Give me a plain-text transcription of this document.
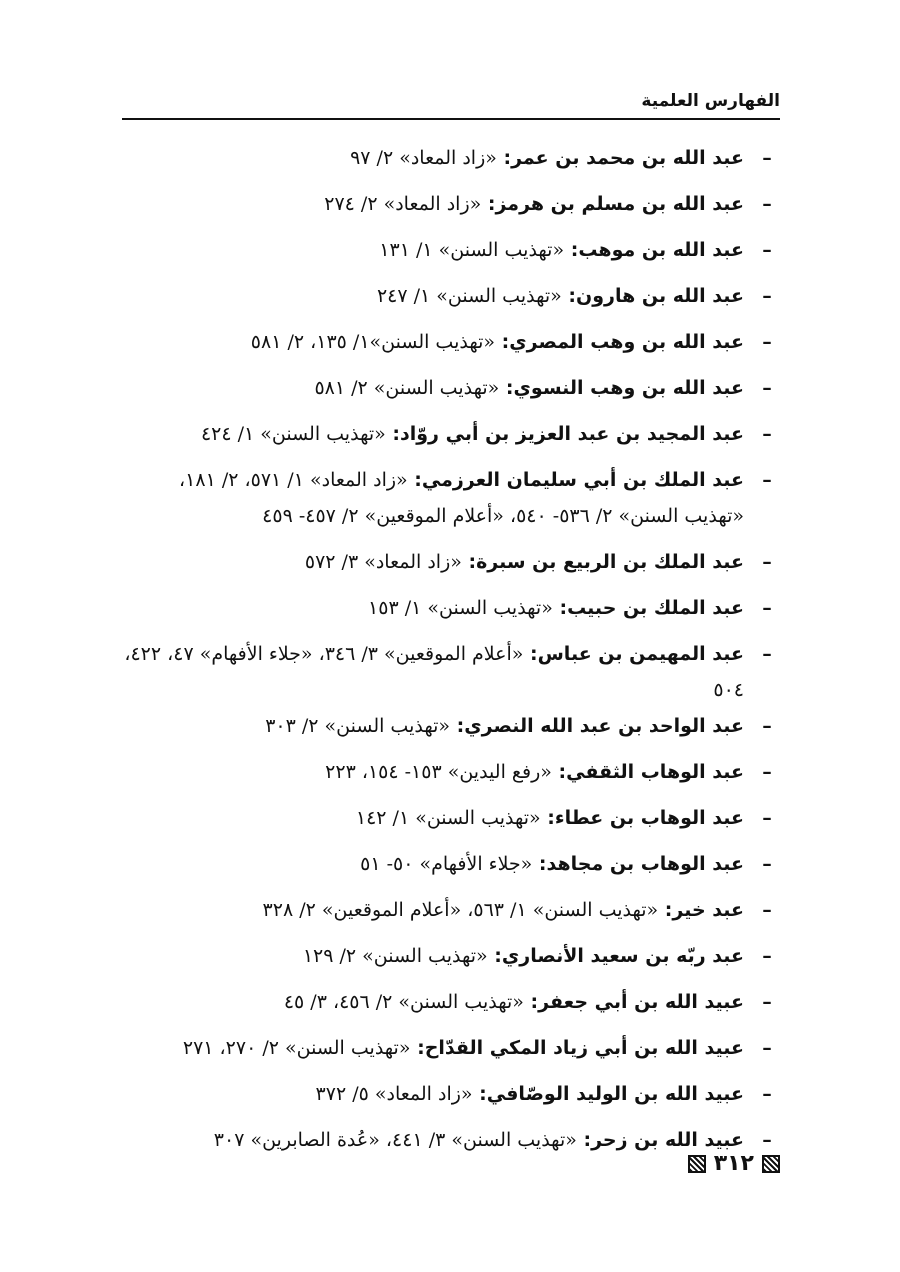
الفهارس العلمية
–
عبد الله بن محمد بن عمر: «زاد المعاد» ٢/ ٩٧
–
عبد الله بن مسلم بن هرمز: «زاد المعاد» ٢/ ٢٧٤
–
عبد الله بن موهب: «تهذيب السنن» ١/ ١٣١
–
عبد الله بن هارون: «تهذيب السنن» ١/ ٢٤٧
–
عبد الله بن وهب المصري: «تهذيب السنن»١/ ١٣٥، ٢/ ٥٨١
–
عبد الله بن وهب النسوي: «تهذيب السنن» ٢/ ٥٨١
–
عبد المجيد بن عبد العزيز بن أبي روّاد: «تهذيب السنن» ١/ ٤٢٤
–
عبد الملك بن أبي سليمان العرزمي: «زاد المعاد» ١/ ٥٧١، ٢/ ١٨١، «تهذيب السنن» ٢/ ٥٣٦- ٥٤٠، «أعلام الموقعين» ٢/ ٤٥٧- ٤٥٩
–
عبد الملك بن الربيع بن سبرة: «زاد المعاد» ٣/ ٥٧٢
–
عبد الملك بن حبيب: «تهذيب السنن» ١/ ١٥٣
–
عبد المهيمن بن عباس: «أعلام الموقعين» ٣/ ٣٤٦، «جلاء الأفهام» ٤٧، ٤٢٢، ٥٠٤
–
عبد الواحد بن عبد الله النصري: «تهذيب السنن» ٢/ ٣٠٣
–
عبد الوهاب الثقفي: «رفع اليدين» ١٥٣- ١٥٤، ٢٢٣
–
عبد الوهاب بن عطاء: «تهذيب السنن» ١/ ١٤٢
–
عبد الوهاب بن مجاهد: «جلاء الأفهام» ٥٠- ٥١
–
عبد خير: «تهذيب السنن» ١/ ٥٦٣، «أعلام الموقعين» ٢/ ٣٢٨
–
عبد ربّه بن سعيد الأنصاري: «تهذيب السنن» ٢/ ١٢٩
–
عبيد الله بن أبي جعفر: «تهذيب السنن» ٢/ ٤٥٦، ٣/ ٤٥
–
عبيد الله بن أبي زياد المكي القدّاح: «تهذيب السنن» ٢/ ٢٧٠، ٢٧١
–
عبيد الله بن الوليد الوصّافي: «زاد المعاد» ٥/ ٣٧٢
–
عبيد الله بن زحر: «تهذيب السنن» ٣/ ٤٤١، «عُدة الصابرين» ٣٠٧
٣١٢
